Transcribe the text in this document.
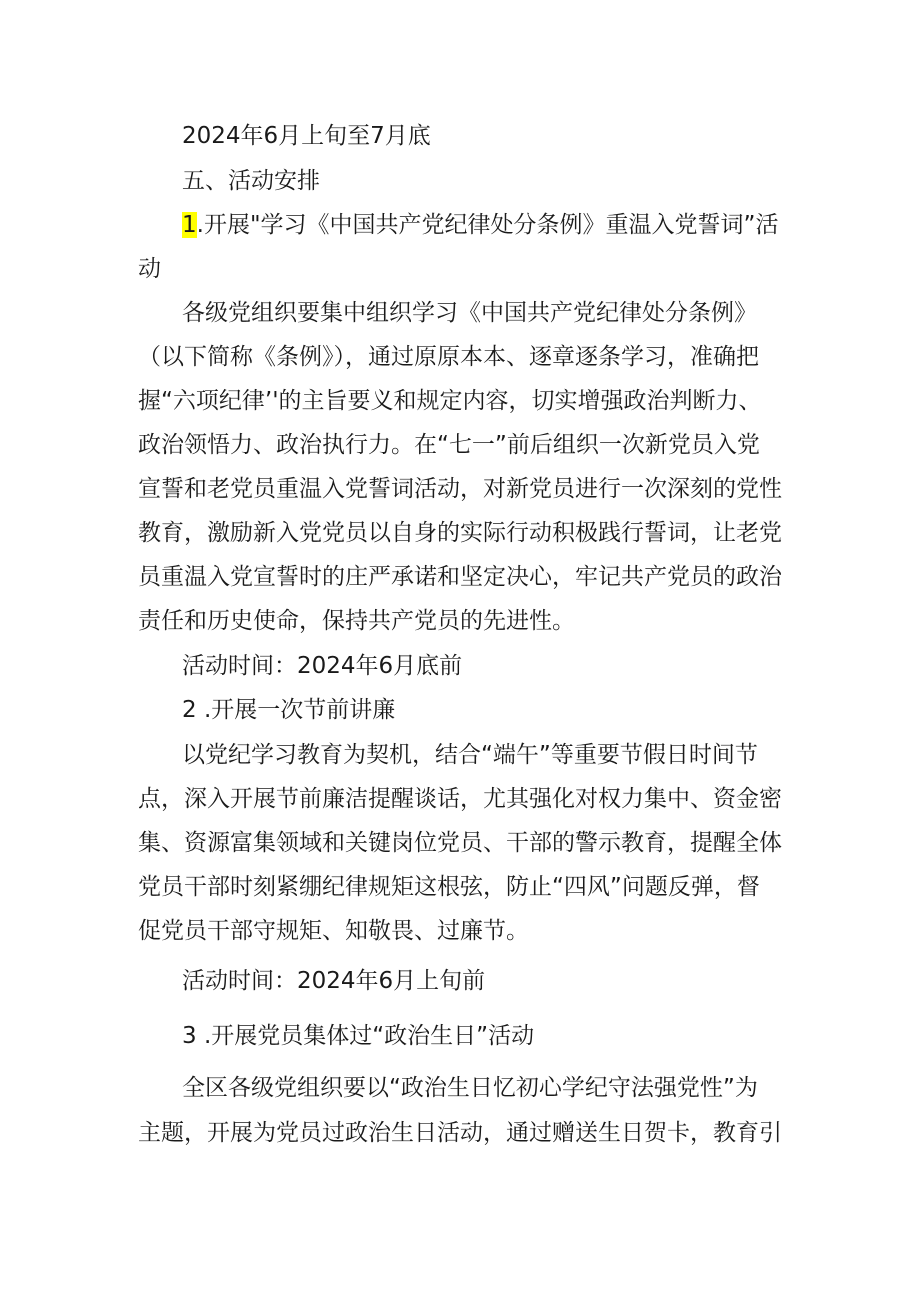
2024年6月上旬至7月底
五、活动安排
1.开展"学习《中国共产党纪律处分条例》重温入党誓词”活
动
各级党组织要集中组织学习《中国共产党纪律处分条例》
（以下简称《条例》），通过原原本本、逐章逐条学习，准确把
握“六项纪律’'的主旨要义和规定内容，切实增强政治判断力、
政治领悟力、政治执行力。在“七一”前后组织一次新党员入党
宣誓和老党员重温入党誓词活动，对新党员进行一次深刻的党性
教育，激励新入党党员以自身的实际行动积极践行誓词，让老党
员重温入党宣誓时的庄严承诺和坚定决心，牢记共产党员的政治
责任和历史使命，保持共产党员的先进性。
活动时间：2024年6月底前
2 .开展一次节前讲廉
以党纪学习教育为契机，结合“端午”等重要节假日时间节
点，深入开展节前廉洁提醒谈话，尤其强化对权力集中、资金密
集、资源富集领域和关键岗位党员、干部的警示教育，提醒全体
党员干部时刻紧绷纪律规矩这根弦，防止“四风”问题反弹，督
促党员干部守规矩、知敬畏、过廉节。
活动时间：2024年6月上旬前
3 .开展党员集体过“政治生日”活动
全区各级党组织要以“政治生日忆初心学纪守法强党性”为
主题，开展为党员过政治生日活动，通过赠送生日贺卡，教育引
